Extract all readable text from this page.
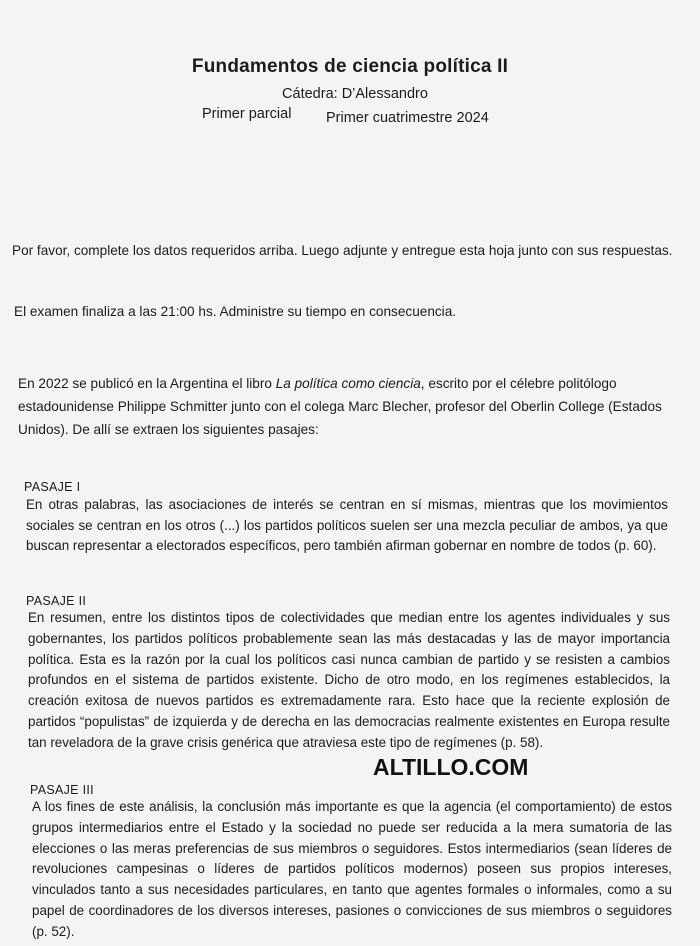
Fundamentos de ciencia política II
Cátedra: D’Alessandro
Primer parcial Primer cuatrimestre 2024
Por favor, complete los datos requeridos arriba. Luego adjunte y entregue esta hoja junto con sus respuestas.
El examen finaliza a las 21:00 hs. Administre su tiempo en consecuencia.
En 2022 se publicó en la Argentina el libro La política como ciencia, escrito por el célebre politólogo estadounidense Philippe Schmitter junto con el colega Marc Blecher, profesor del Oberlin College (Estados Unidos). De allí se extraen los siguientes pasajes:
PASAJE I
En otras palabras, las asociaciones de interés se centran en sí mismas, mientras que los movimientos sociales se centran en los otros (...) los partidos políticos suelen ser una mezcla peculiar de ambos, ya que buscan representar a electorados específicos, pero también afirman gobernar en nombre de todos (p. 60).
PASAJE II
En resumen, entre los distintos tipos de colectividades que median entre los agentes individuales y sus gobernantes, los partidos políticos probablemente sean las más destacadas y las de mayor importancia política. Esta es la razón por la cual los políticos casi nunca cambian de partido y se resisten a cambios profundos en el sistema de partidos existente. Dicho de otro modo, en los regímenes establecidos, la creación exitosa de nuevos partidos es extremadamente rara. Esto hace que la reciente explosión de partidos “populistas” de izquierda y de derecha en las democracias realmente existentes en Europa resulte tan reveladora de la grave crisis genérica que atraviesa este tipo de regímenes (p. 58).
PASAJE III
A los fines de este análisis, la conclusión más importante es que la agencia (el comportamiento) de estos grupos intermediarios entre el Estado y la sociedad no puede ser reducida a la mera sumatoria de las elecciones o las meras preferencias de sus miembros o seguidores. Estos intermediarios (sean líderes de revoluciones campesinas o líderes de partidos políticos modernos) poseen sus propios intereses, vinculados tanto a sus necesidades particulares, en tanto que agentes formales o informales, como a su papel de coordinadores de los diversos intereses, pasiones o convicciones de sus miembros o seguidores (p. 52).
ALTILLO.COM
